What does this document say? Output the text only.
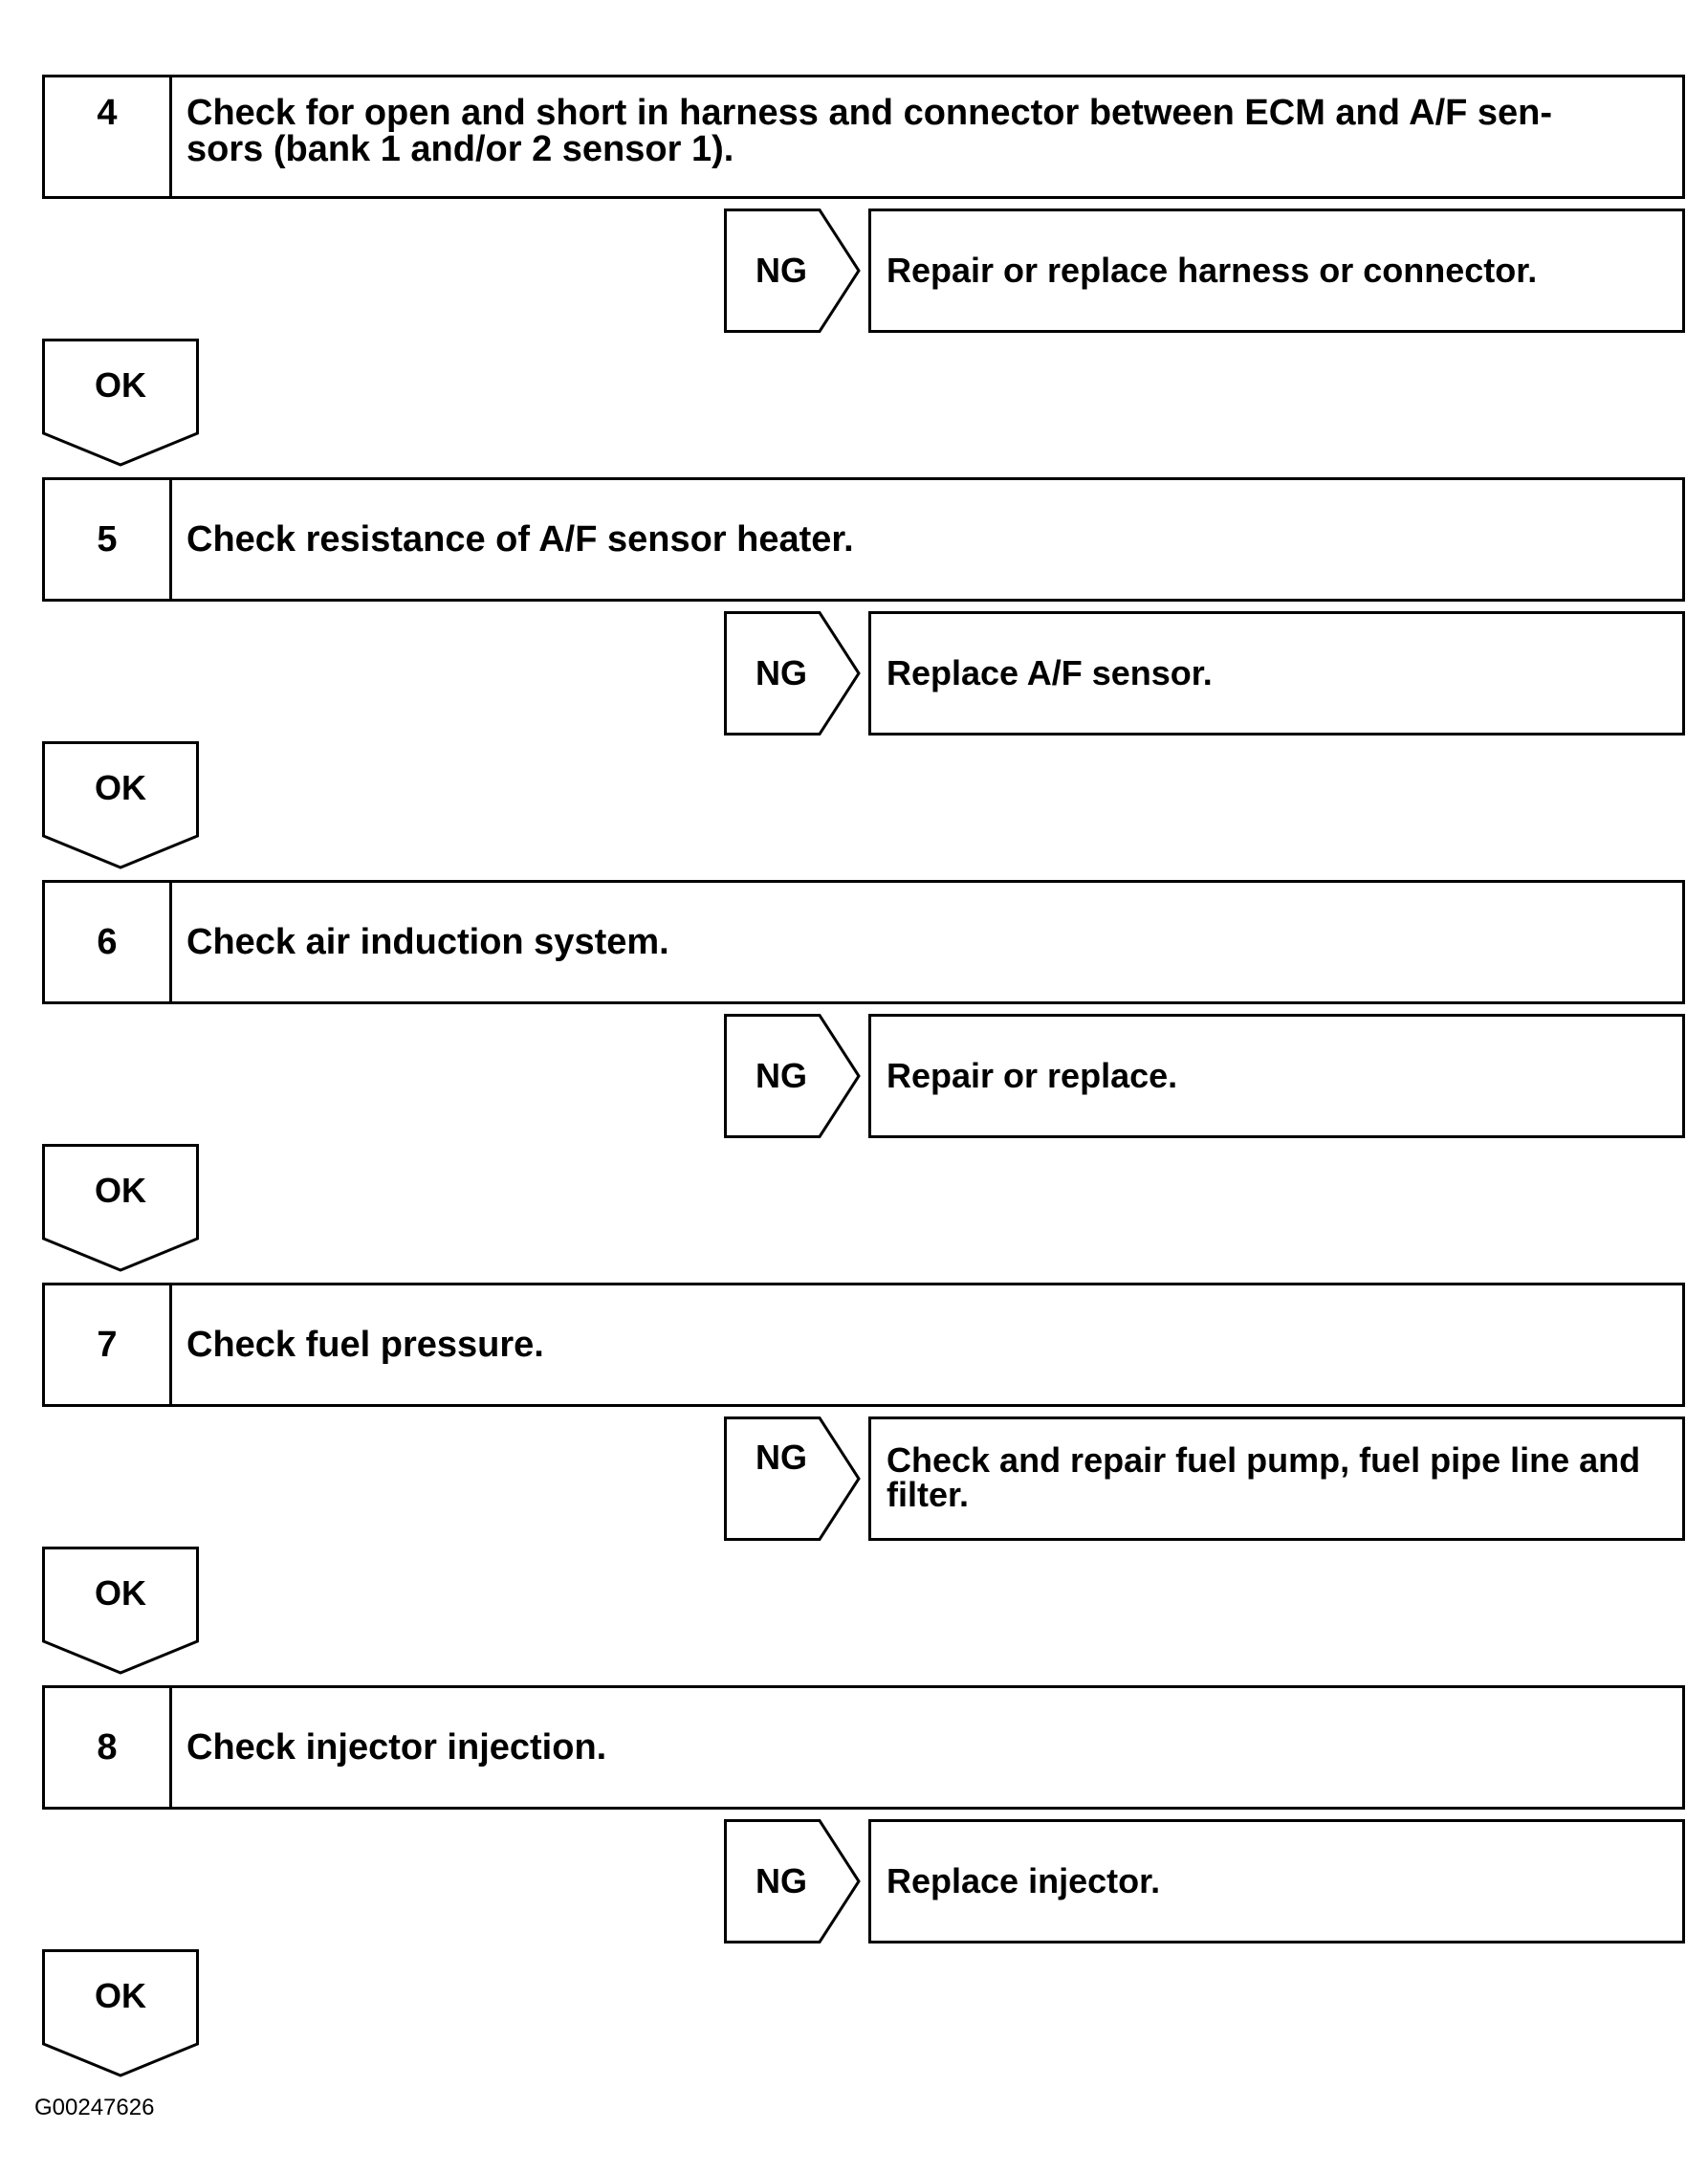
4	Check for open and short in harness and connector between ECM and A/F sen-
sors (bank 1 and/or 2 sensor 1).
NG	Repair or replace harness or connector.
OK
5	Check resistance of A/F sensor heater.
NG	Replace A/F sensor.
OK
6	Check air induction system.
NG	Repair or replace.
OK
7	Check fuel pressure.
NG	Check and repair fuel pump, fuel pipe line and
filter.
OK
8	Check injector injection.
NG	Replace injector.
OK
G00247626
